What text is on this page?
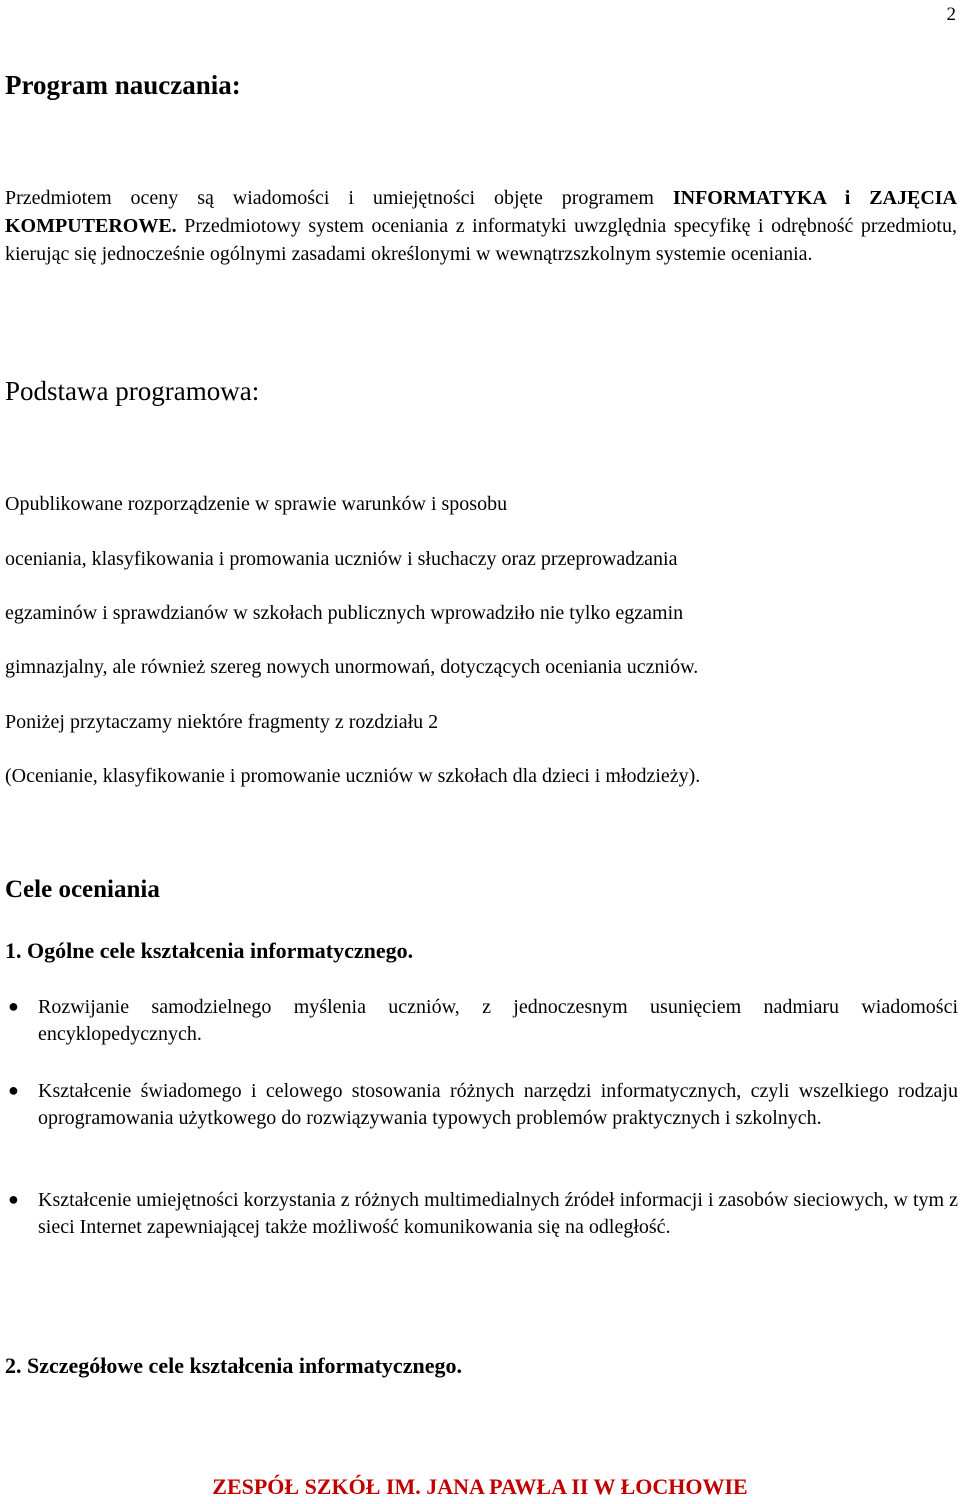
2
Program nauczania:
Przedmiotem oceny są wiadomości i umiejętności objęte programem INFORMATYKA i ZAJĘCIA KOMPUTEROWE. Przedmiotowy system oceniania z informatyki uwzględnia specyfikę i odrębność przedmiotu, kierując się jednocześnie ogólnymi zasadami określonymi w wewnątrzszkolnym systemie oceniania.
Podstawa programowa:
Opublikowane rozporządzenie w sprawie warunków i sposobu
oceniania, klasyfikowania i promowania uczniów i słuchaczy oraz przeprowadzania
egzaminów i sprawdzianów w szkołach publicznych wprowadziło nie tylko egzamin
gimnazjalny, ale również szereg nowych unormowań, dotyczących oceniania uczniów.
Poniżej przytaczamy niektóre fragmenty z rozdziału 2
(Ocenianie, klasyfikowanie i promowanie uczniów w szkołach dla dzieci i młodzieży).
Cele oceniania
1. Ogólne cele kształcenia informatycznego.
● Rozwijanie samodzielnego myślenia uczniów, z jednoczesnym usunięciem nadmiaru wiadomości encyklopedycznych.
● Kształcenie świadomego i celowego stosowania różnych narzędzi informatycznych, czyli wszelkiego rodzaju oprogramowania użytkowego do rozwiązywania typowych problemów praktycznych i szkolnych.
● Kształcenie umiejętności korzystania z różnych multimedialnych źródeł informacji i zasobów sieciowych, w tym z sieci Internet zapewniającej także możliwość komunikowania się na odległość.
2. Szczegółowe cele kształcenia informatycznego.
ZESPÓŁ SZKÓŁ IM. JANA PAWŁA II W ŁOCHOWIE
